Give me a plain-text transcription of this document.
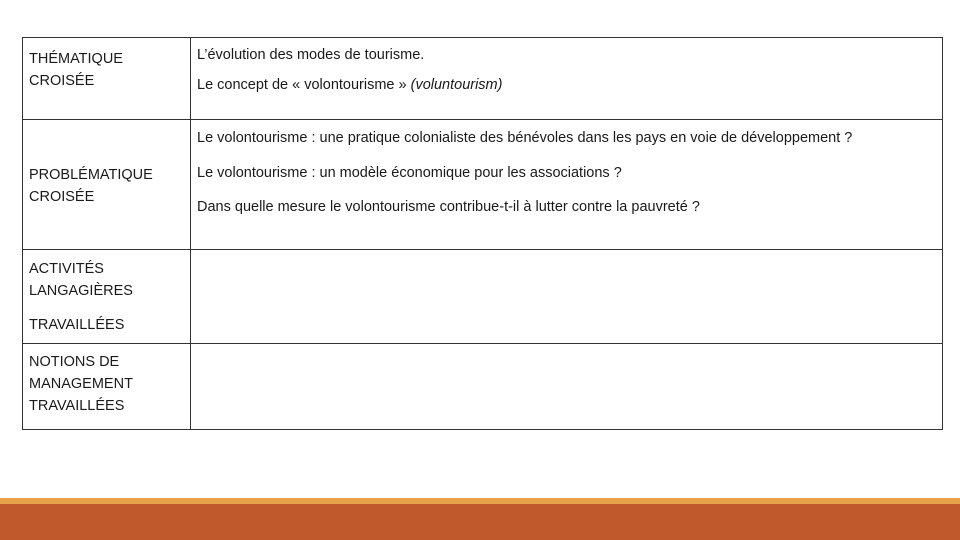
THÉMATIQUE CROISÉE
L’évolution des modes de tourisme.
Le concept de « volontourisme » (voluntourism)
Le volontourisme : une pratique colonialiste des bénévoles dans les pays en voie de développement ?
PROBLÉMATIQUE CROISÉE
Le volontourisme : un modèle économique pour les associations ?
Dans quelle mesure le volontourisme contribue-t-il à lutter contre la pauvreté ?
ACTIVITÉS
LANGAGIÈRES
TRAVAILLÉES
NOTIONS DE MANAGEMENT TRAVAILLÉES
